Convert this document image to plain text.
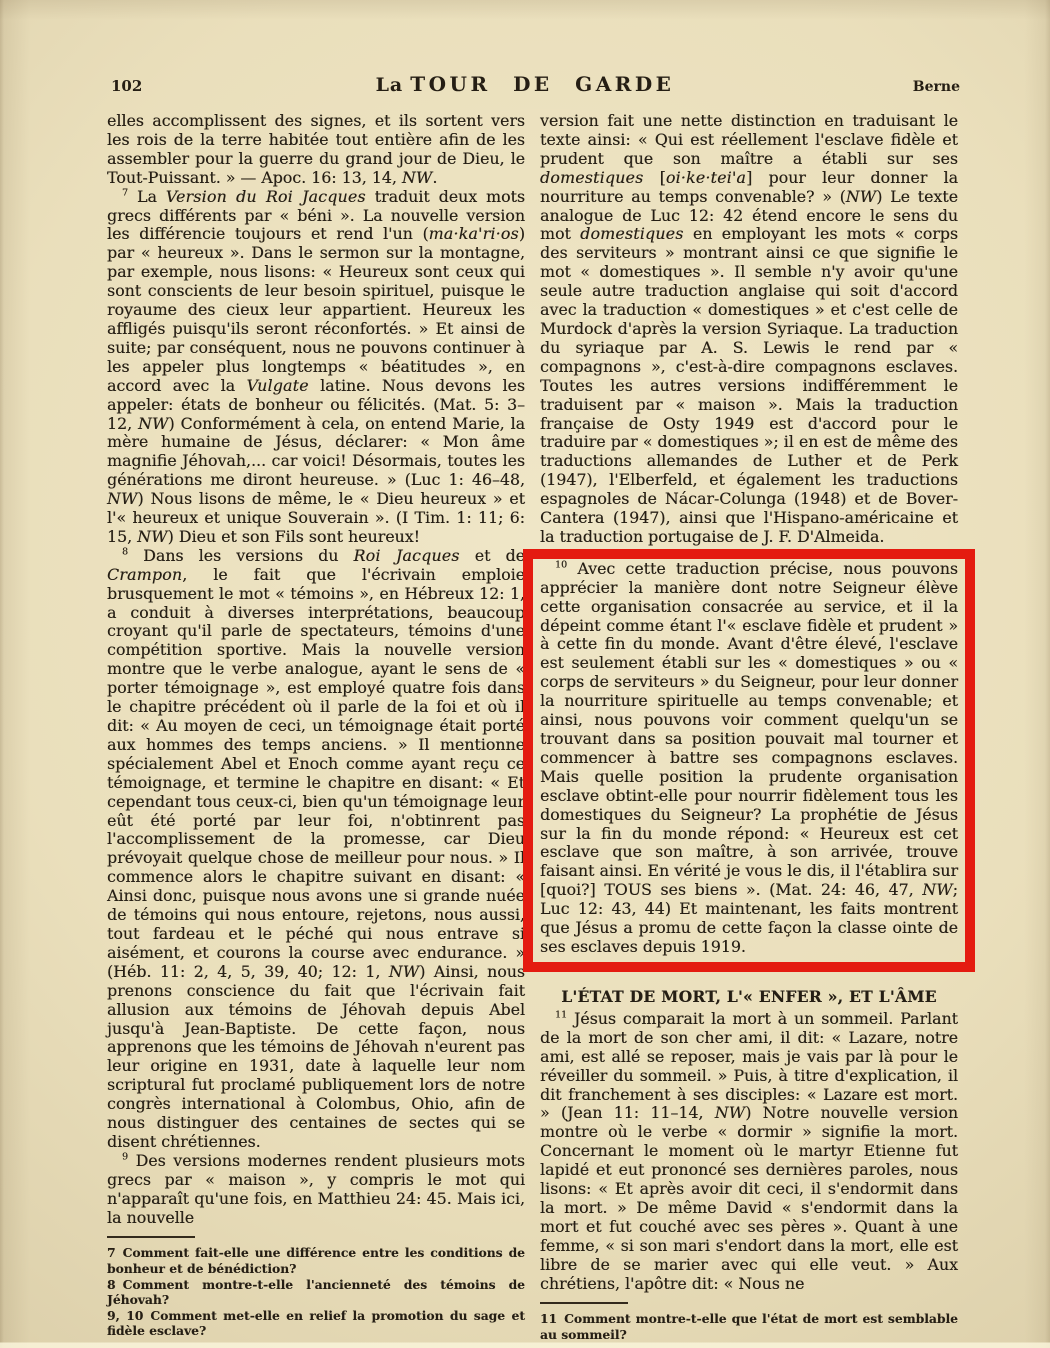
102	La TOUR DE GARDE	Berne

elles accomplissent des signes, et ils sortent vers les rois de la terre habitée tout entière afin de les assembler pour la guerre du grand jour de Dieu, le Tout-Puissant. » — Apoc. 16: 13, 14, NW.

$^7$ La Version du Roi Jacques traduit deux mots grecs différents par « béni ». La nouvelle version les différencie toujours et rend l'un (ma·ka'ri·os) par « heureux ». Dans le sermon sur la montagne, par exemple, nous lisons: « Heureux sont ceux qui sont conscients de leur besoin spirituel, puisque le royaume des cieux leur appartient. Heureux les affligés puisqu'ils seront réconfortés. » Et ainsi de suite; par conséquent, nous ne pouvons continuer à les appeler plus longtemps « béatitudes », en accord avec la Vulgate latine. Nous devons les appeler: états de bonheur ou félicités. (Mat. 5: 3–12, NW) Conformément à cela, on entend Marie, la mère humaine de Jésus, déclarer: « Mon âme magnifie Jéhovah,... car voici! Désormais, toutes les générations me diront heureuse. » (Luc 1: 46–48, NW) Nous lisons de même, le « Dieu heureux » et l'« heureux et unique Souverain ». (I Tim. 1: 11; 6: 15, NW) Dieu et son Fils sont heureux!

$^8$ Dans les versions du Roi Jacques et de Crampon, le fait que l'écrivain emploie brusquement le mot « témoins », en Hébreux 12: 1, a conduit à diverses interprétations, beaucoup croyant qu'il parle de spectateurs, témoins d'une compétition sportive. Mais la nouvelle version montre que le verbe analogue, ayant le sens de « porter témoignage », est employé quatre fois dans le chapitre précédent où il parle de la foi et où il dit: « Au moyen de ceci, un témoignage était porté aux hommes des temps anciens. » Il mentionne spécialement Abel et Enoch comme ayant reçu ce témoignage, et termine le chapitre en disant: « Et cependant tous ceux-ci, bien qu'un témoignage leur eût été porté par leur foi, n'obtinrent pas l'accomplissement de la promesse, car Dieu prévoyait quelque chose de meilleur pour nous. » Il commence alors le chapitre suivant en disant: « Ainsi donc, puisque nous avons une si grande nuée de témoins qui nous entoure, rejetons, nous aussi, tout fardeau et le péché qui nous entrave si aisément, et courons la course avec endurance. » (Héb. 11: 2, 4, 5, 39, 40; 12: 1, NW) Ainsi, nous prenons conscience du fait que l'écrivain fait allusion aux témoins de Jéhovah depuis Abel jusqu'à Jean-Baptiste. De cette façon, nous apprenons que les témoins de Jéhovah n'eurent pas leur origine en 1931, date à laquelle leur nom scriptural fut proclamé publiquement lors de notre congrès international à Colombus, Ohio, afin de nous distinguer des centaines de sectes qui se disent chrétiennes.

$^9$ Des versions modernes rendent plusieurs mots grecs par « maison », y compris le mot qui n'apparaît qu'une fois, en Matthieu 24: 45. Mais ici, la nouvelle

7 Comment fait-elle une différence entre les conditions de bonheur et de bénédiction?

8 Comment montre-t-elle l'ancienneté des témoins de Jéhovah?

9, 10 Comment met-elle en relief la promotion du sage et fidèle esclave?

version fait une nette distinction en traduisant le texte ainsi: « Qui est réellement l'esclave fidèle et prudent que son maître a établi sur ses domestiques [oi·ke·tei'a] pour leur donner la nourriture au temps convenable? » (NW) Le texte analogue de Luc 12: 42 étend encore le sens du mot domestiques en employant les mots « corps des serviteurs » montrant ainsi ce que signifie le mot « domestiques ». Il semble n'y avoir qu'une seule autre traduction anglaise qui soit d'accord avec la traduction « domestiques » et c'est celle de Murdock d'après la version Syriaque. La traduction du syriaque par A. S. Lewis le rend par « compagnons », c'est-à-dire compagnons esclaves. Toutes les autres versions indifféremment le traduisent par « maison ». Mais la traduction française de Osty 1949 est d'accord pour le traduire par « domestiques »; il en est de même des traductions allemandes de Luther et de Perk (1947), l'Elberfeld, et également les traductions espagnoles de Nácar-Colunga (1948) et de Bover-Cantera (1947), ainsi que l'Hispano-américaine et la traduction portugaise de J. F. D'Almeida.

$^{10}$ Avec cette traduction précise, nous pouvons apprécier la manière dont notre Seigneur élève cette organisation consacrée au service, et il la dépeint comme étant l'« esclave fidèle et prudent » à cette fin du monde. Avant d'être élevé, l'esclave est seulement établi sur les « domestiques » ou « corps de serviteurs » du Seigneur, pour leur donner la nourriture spirituelle au temps convenable; et ainsi, nous pouvons voir comment quelqu'un se trouvant dans sa position pouvait mal tourner et commencer à battre ses compagnons esclaves. Mais quelle position la prudente organisation esclave obtint-elle pour nourrir fidèlement tous les domestiques du Seigneur? La prophétie de Jésus sur la fin du monde répond: « Heureux est cet esclave que son maître, à son arrivée, trouve faisant ainsi. En vérité je vous le dis, il l'établira sur [quoi?] TOUS ses biens ». (Mat. 24: 46, 47, NW; Luc 12: 43, 44) Et maintenant, les faits montrent que Jésus a promu de cette façon la classe ointe de ses esclaves depuis 1919.

L'ÉTAT DE MORT, L'« ENFER », ET L'ÂME

$^{11}$ Jésus comparait la mort à un sommeil. Parlant de la mort de son cher ami, il dit: « Lazare, notre ami, est allé se reposer, mais je vais par là pour le réveiller du sommeil. » Puis, à titre d'explication, il dit franchement à ses disciples: « Lazare est mort. » (Jean 11: 11–14, NW) Notre nouvelle version montre où le verbe « dormir » signifie la mort. Concernant le moment où le martyr Etienne fut lapidé et eut prononcé ses dernières paroles, nous lisons: « Et après avoir dit ceci, il s'endormit dans la mort. » De même David « s'endormit dans la mort et fut couché avec ses pères ». Quant à une femme, « si son mari s'endort dans la mort, elle est libre de se marier avec qui elle veut. » Aux chrétiens, l'apôtre dit: « Nous ne

11 Comment montre-t-elle que l'état de mort est semblable au sommeil?
